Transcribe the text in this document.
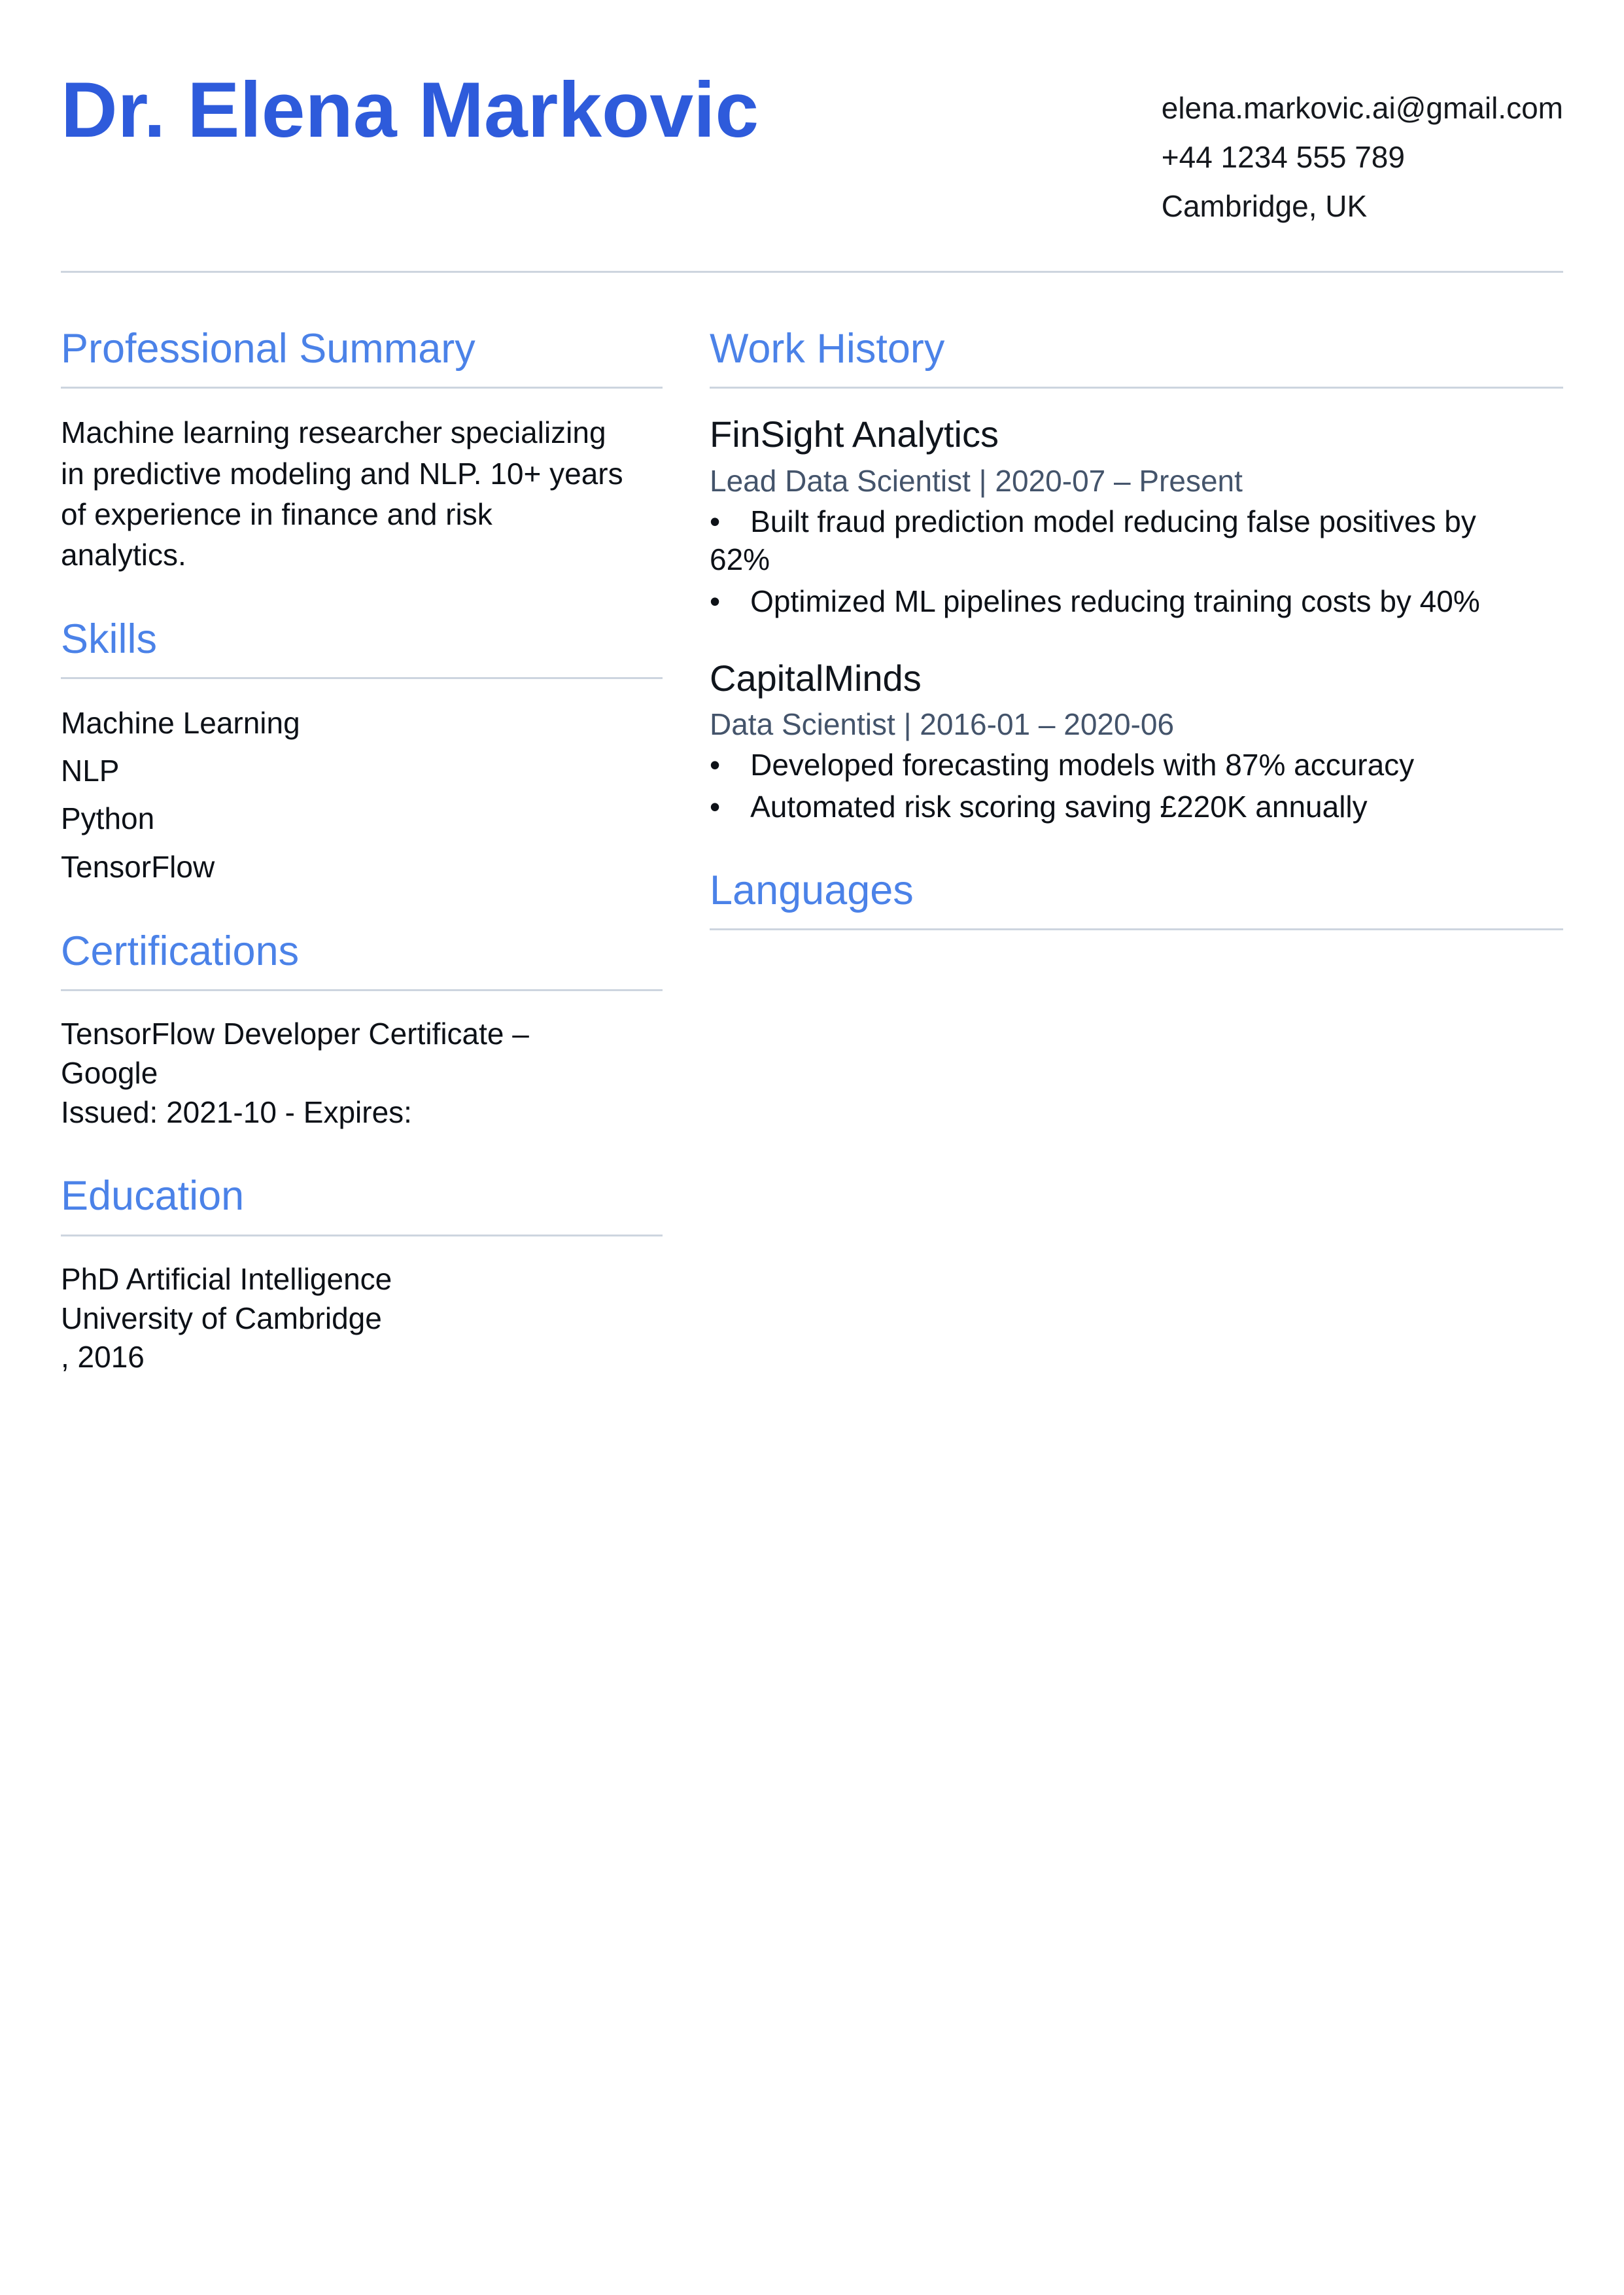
Dr. Elena Markovic	elena.markovic.ai@gmail.com
+44 1234 555 789
Cambridge, UK
Professional Summary

Machine learning researcher specializing in predictive modeling and NLP. 10+ years of experience in finance and risk analytics.

Skills
Machine Learning
NLP
Python
TensorFlow
Certifications
TensorFlow Developer Certificate – Google
Issued: 2021-10 - Expires:
Education
PhD Artificial Intelligence
University of Cambridge
, 2016
Work History
FinSight Analytics
Lead Data Scientist | 2020-07 – Present
• Built fraud prediction model reducing false positives by 62%
• Optimized ML pipelines reducing training costs by 40%
CapitalMinds
Data Scientist | 2016-01 – 2020-06
• Developed forecasting models with 87% accuracy
• Automated risk scoring saving £220K annually
Languages
